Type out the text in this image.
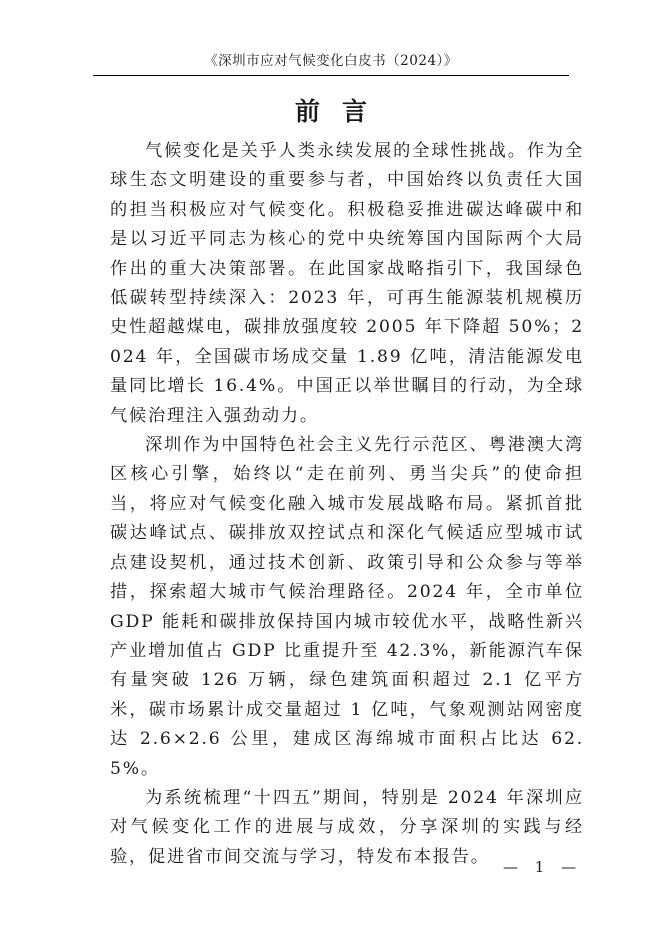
《深圳市应对气候变化白皮书（2024）》
前言

气候变化是关乎人类永续发展的全球性挑战。作为全球生态文明建设的重要参与者，中国始终以负责任大国的担当积极应对气候变化。积极稳妥推进碳达峰碳中和是以习近平同志为核心的党中央统筹国内国际两个大局作出的重大决策部署。在此国家战略指引下，我国绿色低碳转型持续深入：2023 年，可再生能源装机规模历史性超越煤电，碳排放强度较 2005 年下降超 50%；2024 年，全国碳市场成交量 1.89 亿吨，清洁能源发电量同比增长 16.4%。中国正以举世瞩目的行动，为全球气候治理注入强劲动力。

深圳作为中国特色社会主义先行示范区、粤港澳大湾区核心引擎，始终以“走在前列、勇当尖兵”的使命担当，将应对气候变化融入城市发展战略布局。紧抓首批碳达峰试点、碳排放双控试点和深化气候适应型城市试点建设契机，通过技术创新、政策引导和公众参与等举措，探索超大城市气候治理路径。2024 年，全市单位 GDP 能耗和碳排放保持国内城市较优水平，战略性新兴产业增加值占 GDP 比重提升至 42.3%，新能源汽车保有量突破 126 万辆，绿色建筑面积超过 2.1 亿平方米，碳市场累计成交量超过 1 亿吨，气象观测站网密度达 2.6×2.6 公里，建成区海绵城市面积占比达 62.5%。

为系统梳理“十四五”期间，特别是 2024 年深圳应对气候变化工作的进展与成效，分享深圳的实践与经验，促进省市间交流与学习，特发布本报告。

— 1 —
